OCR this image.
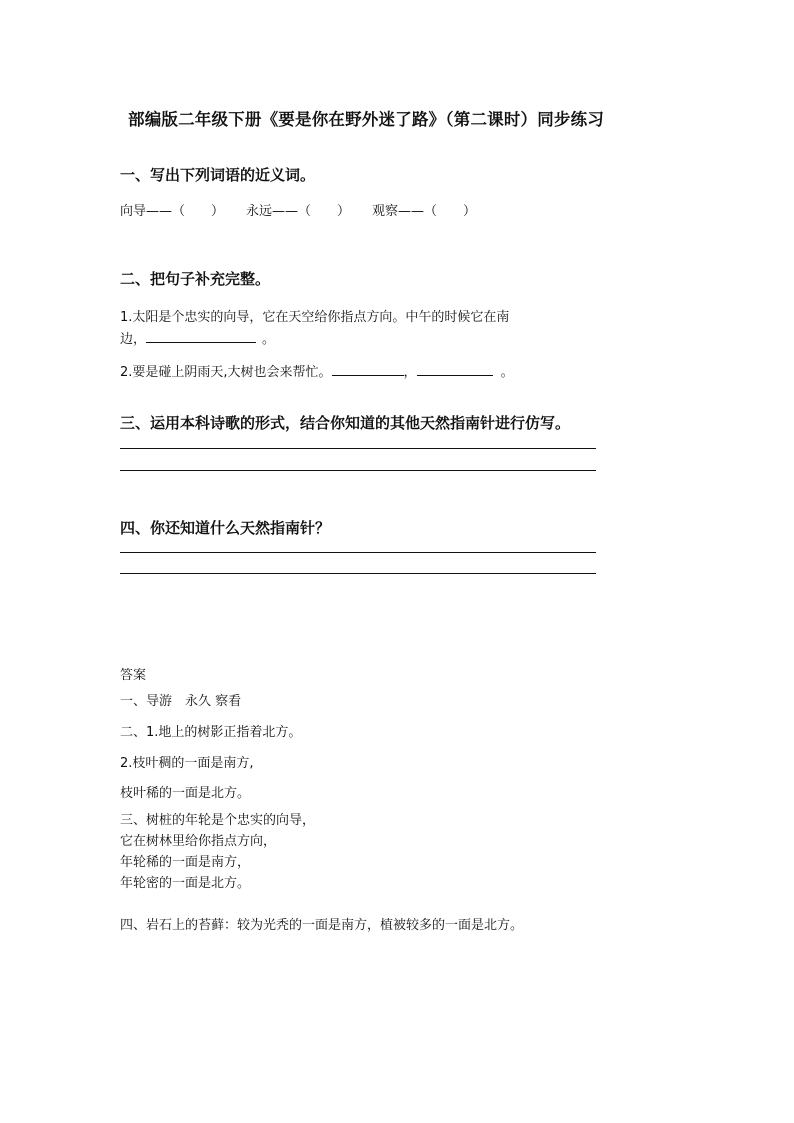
部编版二年级下册《要是你在野外迷了路》（第二课时）同步练习
一、写出下列词语的近义词。
向导——（　　） 永远——（　　） 观察——（　　）
二、把句子补充完整。
1.太阳是个忠实的向导，它在天空给你指点方向。中午的时候它在南
边，	。
2.要是碰上阴雨天,大树也会来帮忙。	，	。
三、运用本科诗歌的形式，结合你知道的其他天然指南针进行仿写。
四、你还知道什么天然指南针？
答案
一、导游　永久 察看
二、1.地上的树影正指着北方。
2.枝叶稠的一面是南方,
枝叶稀的一面是北方。
三、树桩的年轮是个忠实的向导，
它在树林里给你指点方向，
年轮稀的一面是南方，
年轮密的一面是北方。
四、岩石上的苔藓：较为光秃的一面是南方，植被较多的一面是北方。
